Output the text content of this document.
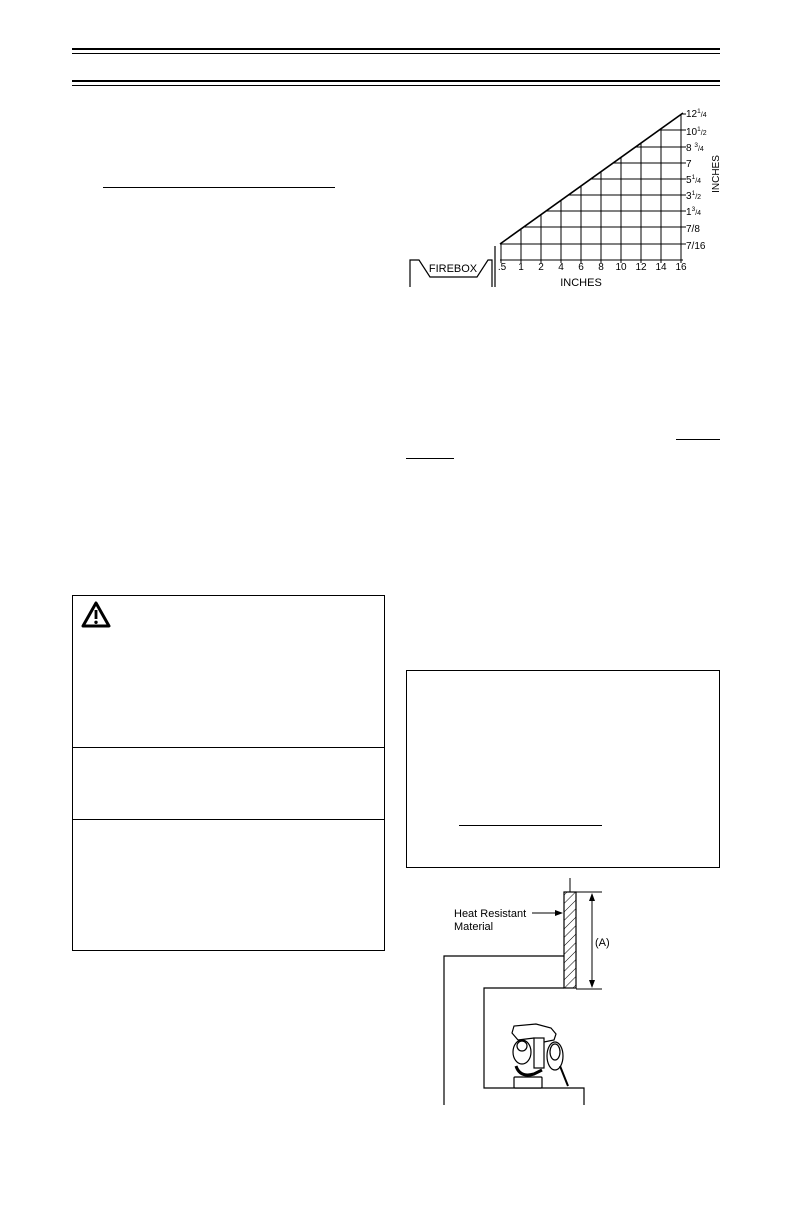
FIREBOX .5 1 2 4 6 8 10 12 14 16
INCHES
$12^1_/4$
$10^1_/2$
8 $^3_/$4
7
$5^1_/4$
$3^1_/2$
$1^3_/4$
7/8
7/16
INCHES
(A)
Heat Resistant
Material
